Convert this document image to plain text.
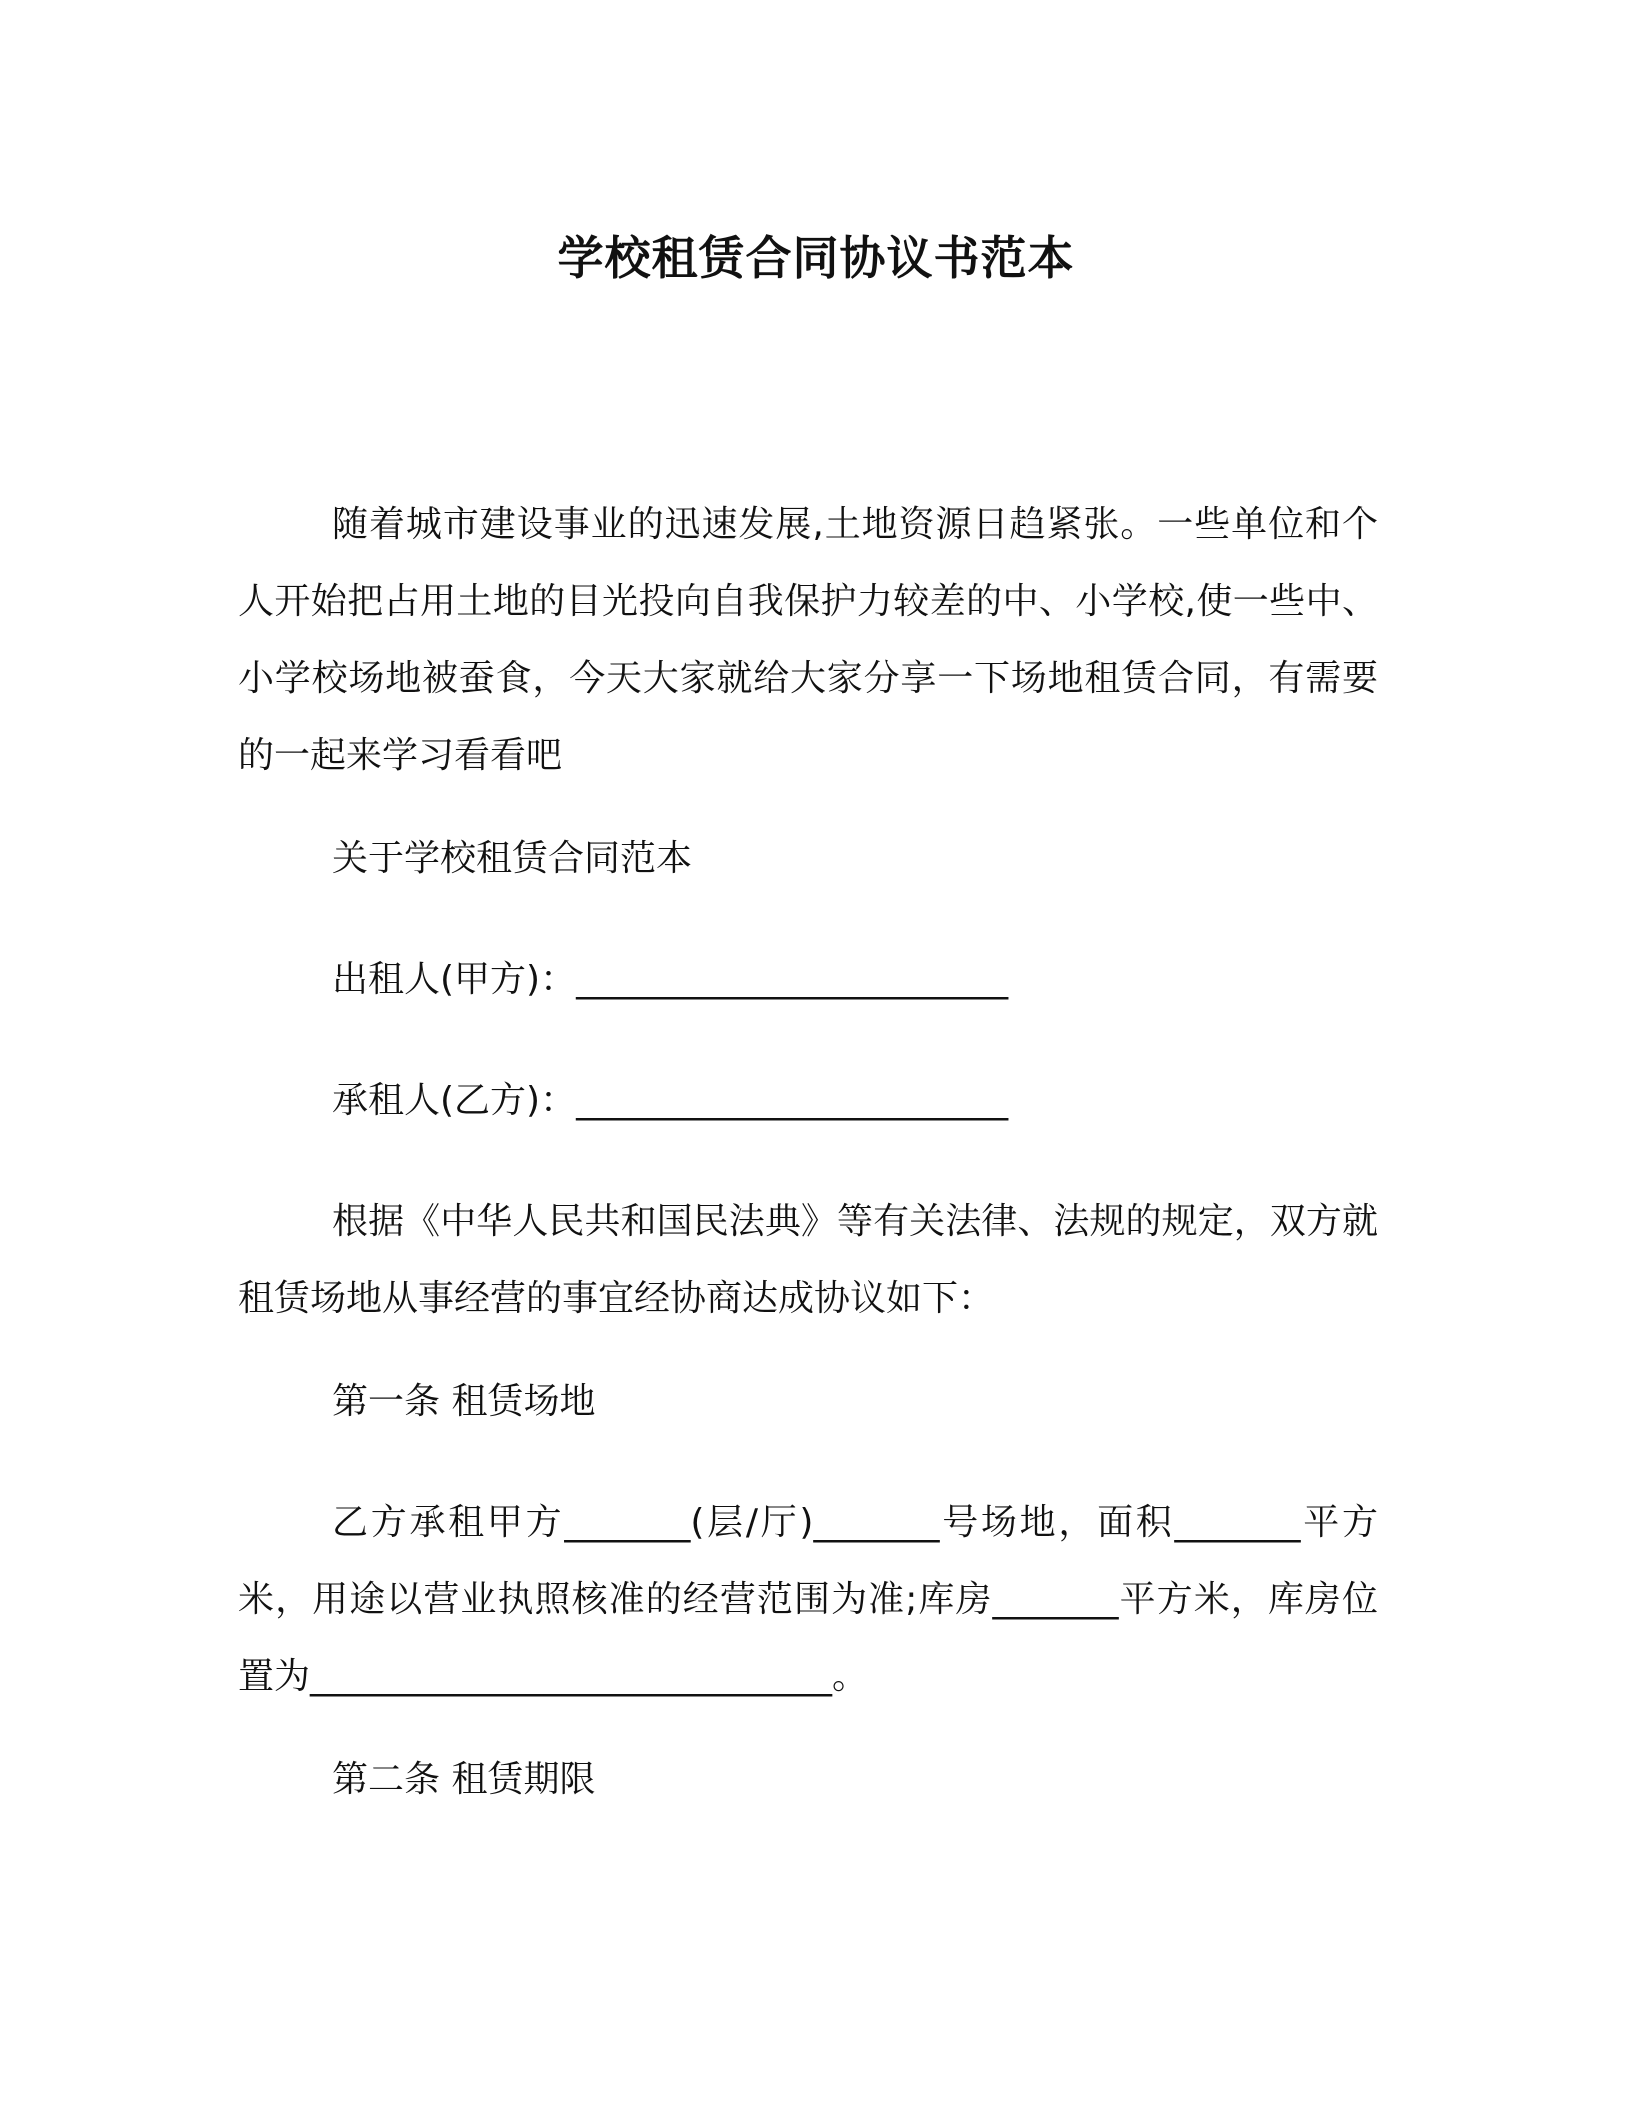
学校租赁合同协议书范本

随着城市建设事业的迅速发展,土地资源日趋紧张。一些单位和个人开始把占用土地的目光投向自我保护力较差的中、小学校,使一些中、小学校场地被蚕食，今天大家就给大家分享一下场地租赁合同，有需要的一起来学习看看吧

关于学校租赁合同范本

出租人(甲方)：________________________

承租人(乙方)：________________________

根据《中华人民共和国民法典》等有关法律、法规的规定，双方就租赁场地从事经营的事宜经协商达成协议如下：

第一条 租赁场地

乙方承租甲方_______(层/厅)_______号场地，面积_______平方米，用途以营业执照核准的经营范围为准;库房_______平方米，库房位置为_____________________________。

第二条 租赁期限
